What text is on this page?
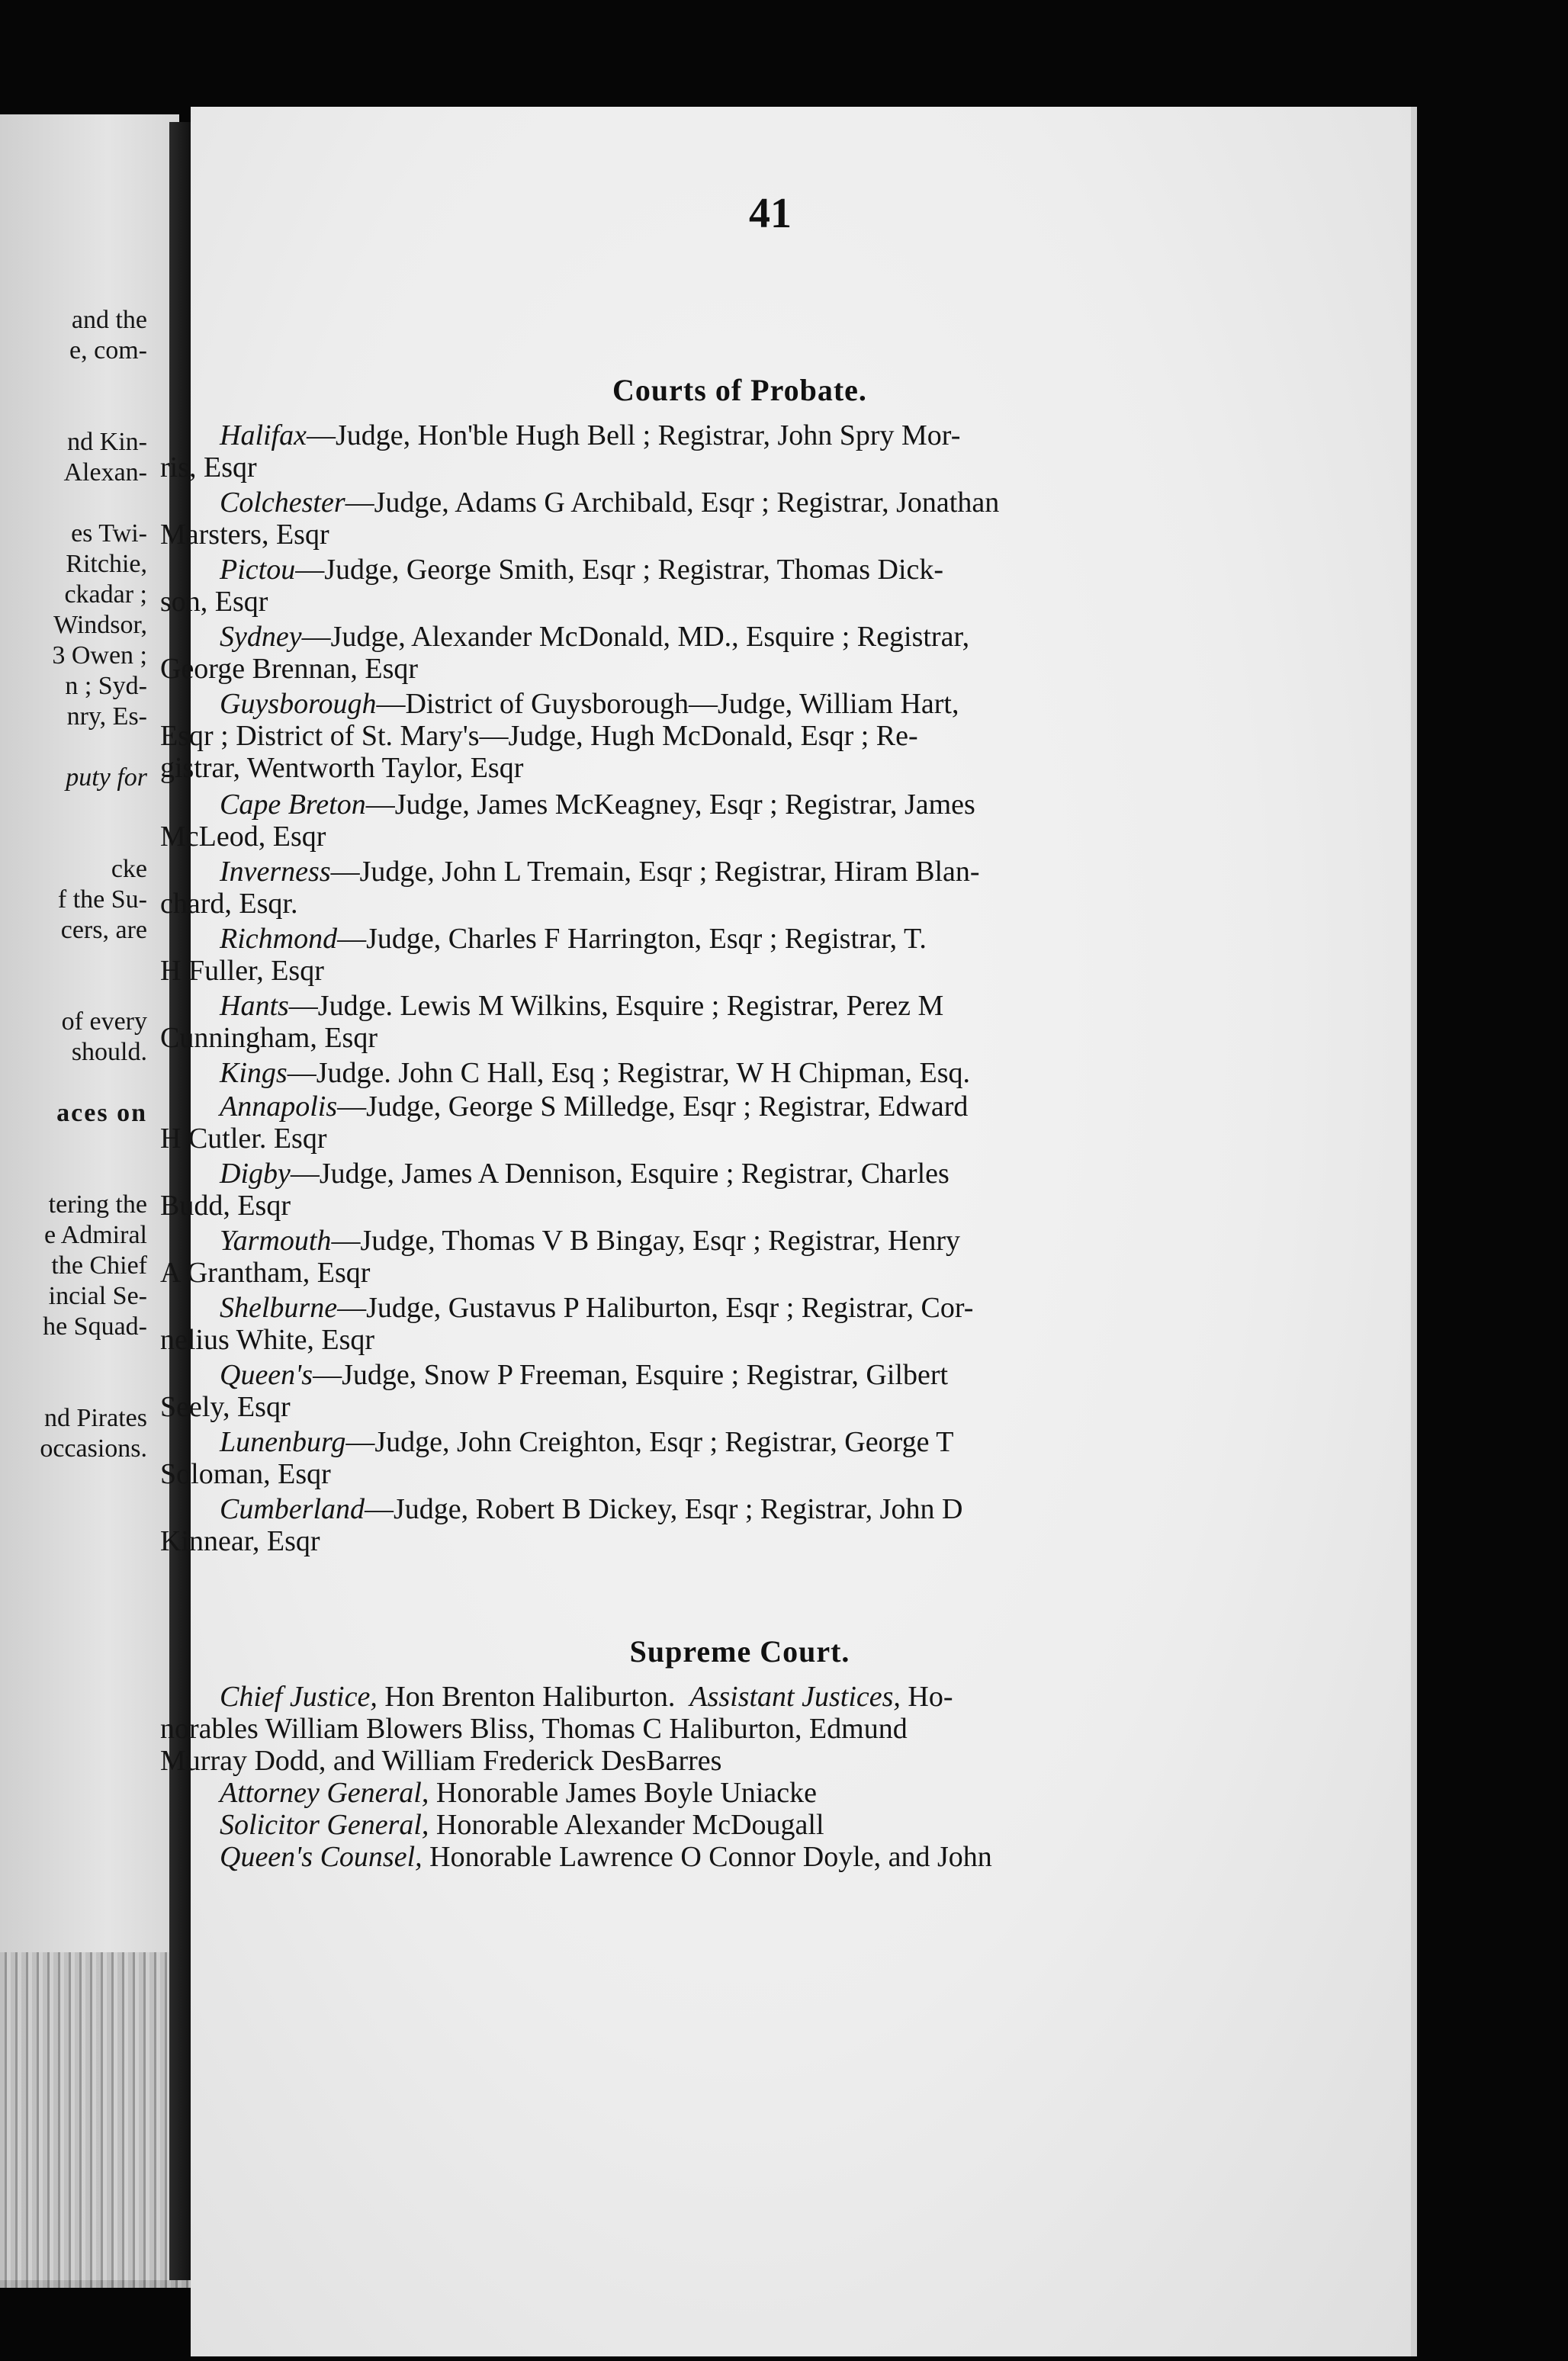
and the
e, com-
nd Kin-
Alexan-
es Twi-
Ritchie,
ckadar ;
Windsor,
3 Owen ;
n ; Syd-
nry, Es-
puty for
cke
f the Su-
cers, are
of every
should.
aces on
tering the
e Admiral
the Chief
incial Se-
he Squad-
nd Pirates
occasions.
41
Courts of Probate.
Halifax—Judge, Hon'ble Hugh Bell ; Registrar, John Spry Mor-
ris, Esqr
Colchester—Judge, Adams G Archibald, Esqr ; Registrar, Jonathan
Marsters, Esqr
Pictou—Judge, George Smith, Esqr ; Registrar, Thomas Dick-
son, Esqr
Sydney—Judge, Alexander McDonald, MD., Esquire ; Registrar,
George Brennan, Esqr
Guysborough—District of Guysborough—Judge, William Hart,
Esqr ; District of St. Mary's—Judge, Hugh McDonald, Esqr ; Re-
gistrar, Wentworth Taylor, Esqr
Cape Breton—Judge, James McKeagney, Esqr ; Registrar, James
McLeod, Esqr
Inverness—Judge, John L Tremain, Esqr ; Registrar, Hiram Blan-
chard, Esqr.
Richmond—Judge, Charles F Harrington, Esqr ; Registrar, T.
H Fuller, Esqr
Hants—Judge. Lewis M Wilkins, Esquire ; Registrar, Perez M
Cunningham, Esqr
Kings—Judge. John C Hall, Esq ; Registrar, W H Chipman, Esq.
Annapolis—Judge, George S Milledge, Esqr ; Registrar, Edward
H Cutler. Esqr
Digby—Judge, James A Dennison, Esquire ; Registrar, Charles
Budd, Esqr
Yarmouth—Judge, Thomas V B Bingay, Esqr ; Registrar, Henry
A Grantham, Esqr
Shelburne—Judge, Gustavus P Haliburton, Esqr ; Registrar, Cor-
nelius White, Esqr
Queen's—Judge, Snow P Freeman, Esquire ; Registrar, Gilbert
Seely, Esqr
Lunenburg—Judge, John Creighton, Esqr ; Registrar, George T
Soloman, Esqr
Cumberland—Judge, Robert B Dickey, Esqr ; Registrar, John D
Kinnear, Esqr
Supreme Court.
Chief Justice, Hon Brenton Haliburton. Assistant Justices, Ho-
norables William Blowers Bliss, Thomas C Haliburton, Edmund
Murray Dodd, and William Frederick DesBarres
Attorney General, Honorable James Boyle Uniacke
Solicitor General, Honorable Alexander McDougall
Queen's Counsel, Honorable Lawrence O Connor Doyle, and John
